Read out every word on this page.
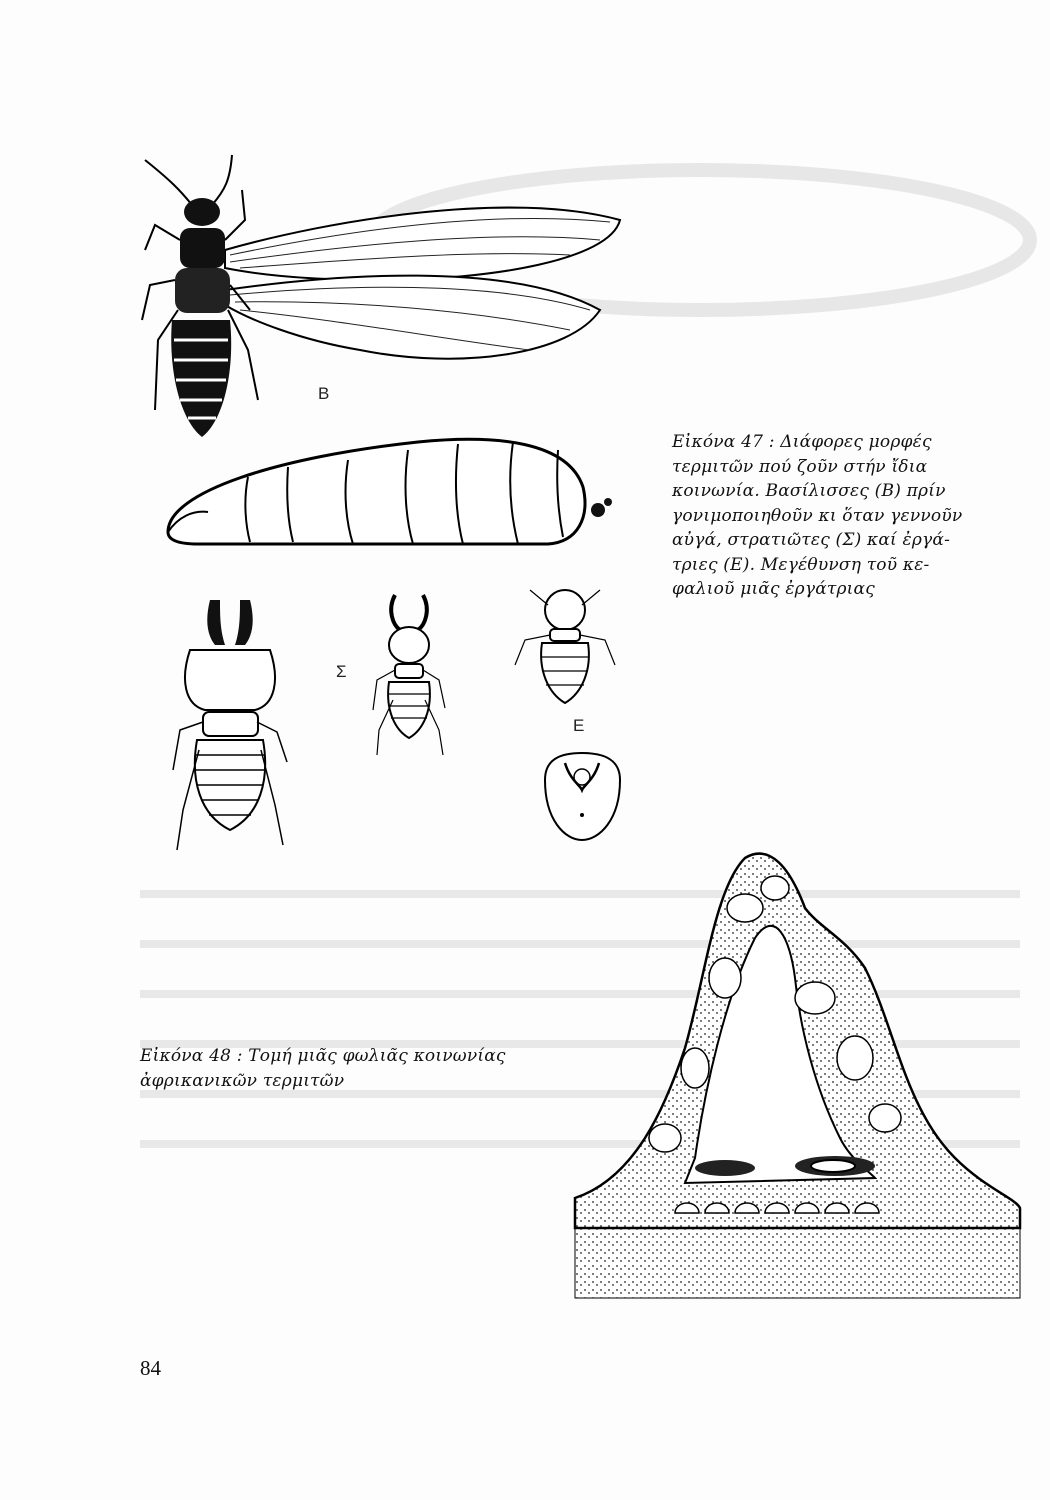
Β
Εἰκόνα 47 : Διάφορες μορφές
τερμιτῶν πού ζοῦν στήν ἴδια
κοινωνία. Βασίλισσες (Β) πρίν
γονιμοποιηθοῦν κι ὅταν γεννοῦν
αὐγά, στρατιῶτες (Σ) καί ἐργά-
τριες (Ε). Μεγέθυνση τοῦ κε-
φαλιοῦ μιᾶς ἐργάτριας
Σ
Ε
Εἰκόνα 48 : Τομή μιᾶς φωλιᾶς κοινωνίας
ἀφρικανικῶν τερμιτῶν
84
